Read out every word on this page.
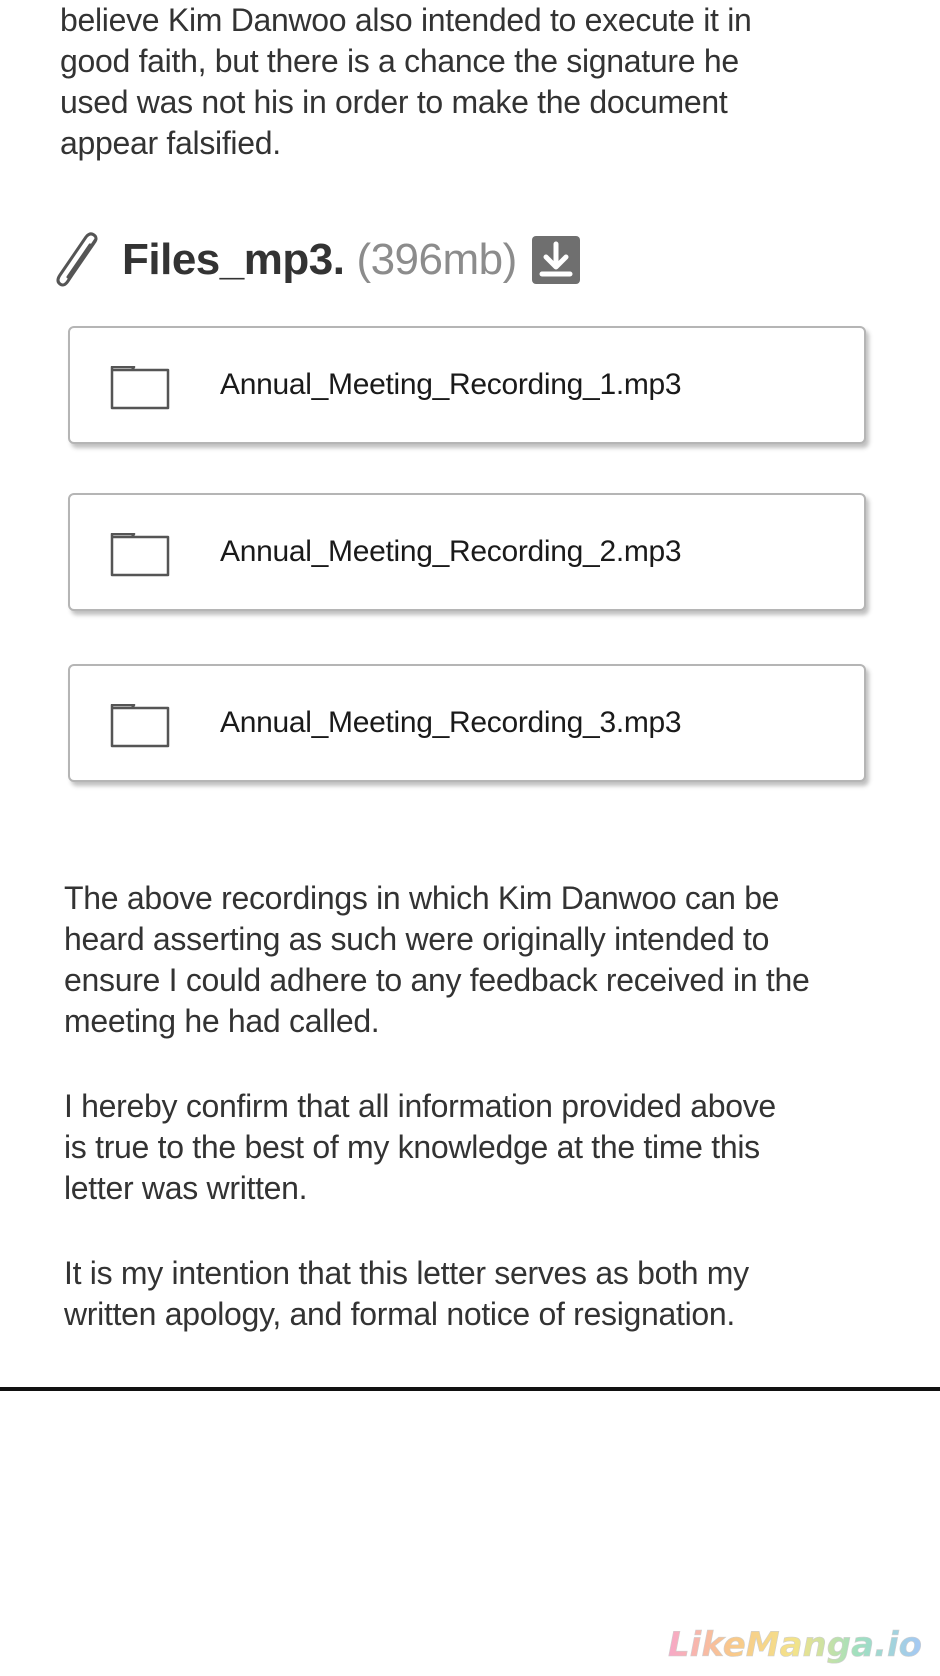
believe Kim Danwoo also intended to execute it in
good faith, but there is a chance the signature he
used was not his in order to make the document
appear falsified.
Files_mp3. (396mb)
Annual_Meeting_Recording_1.mp3
Annual_Meeting_Recording_2.mp3
Annual_Meeting_Recording_3.mp3
The above recordings in which Kim Danwoo can be
heard asserting as such were originally intended to
ensure I could adhere to any feedback received in the
meeting he had called.
I hereby confirm that all information provided above
is true to the best of my knowledge at the time this
letter was written.
It is my intention that this letter serves as both my
written apology, and formal notice of resignation.
LikeManga.io
